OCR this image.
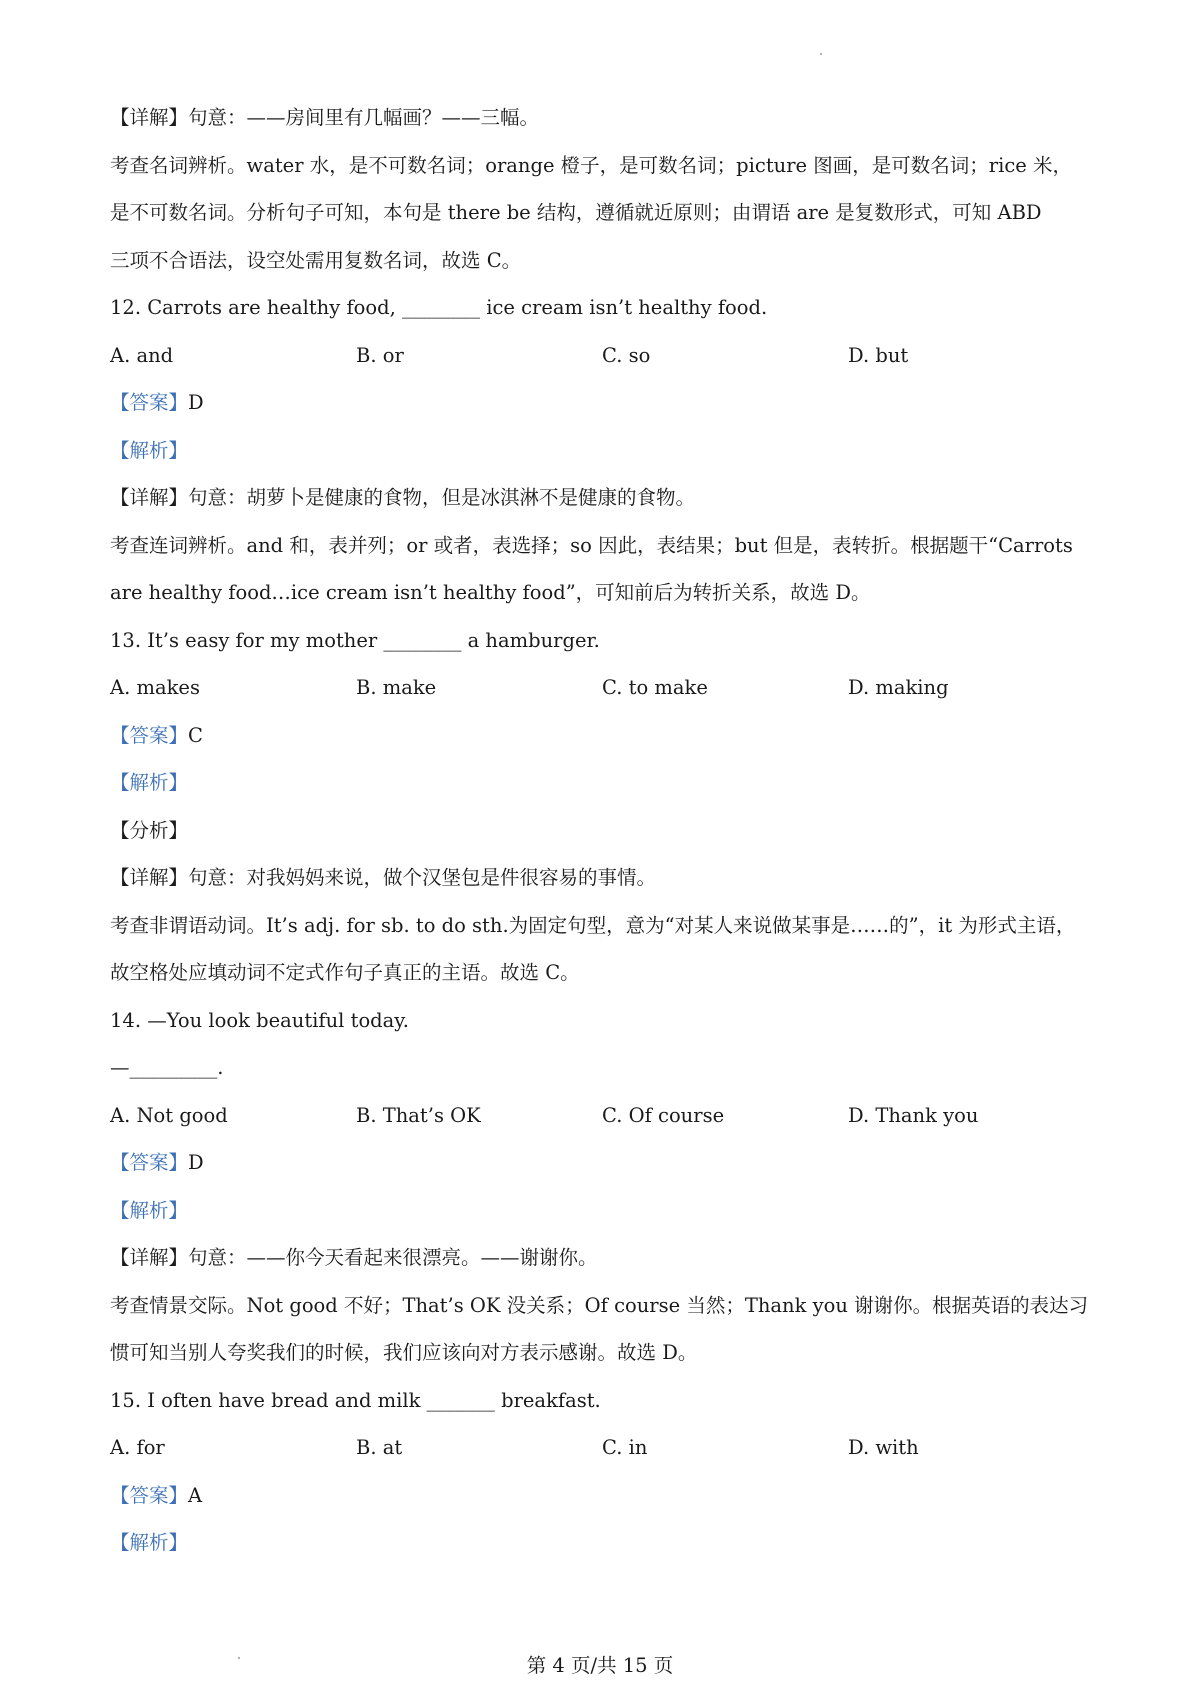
【详解】句意：——房间里有几幅画？——三幅。
考查名词辨析。water 水，是不可数名词；orange 橙子，是可数名词；picture 图画，是可数名词；rice 米，
是不可数名词。分析句子可知，本句是 there be 结构，遵循就近原则；由谓语 are 是复数形式，可知 ABD
三项不合语法，设空处需用复数名词，故选 C。
12. Carrots are healthy food, ________ ice cream isn’t healthy food.
A. and	B. or	C. so	D. but
【答案】D
【解析】
【详解】句意：胡萝卜是健康的食物，但是冰淇淋不是健康的食物。
考查连词辨析。and 和，表并列；or 或者，表选择；so 因此，表结果；but 但是，表转折。根据题干“Carrots
are healthy food…ice cream isn’t healthy food”，可知前后为转折关系，故选 D。
13. It’s easy for my mother ________ a hamburger.
A. makes	B. make	C. to make	D. making
【答案】C
【解析】
【分析】
【详解】句意：对我妈妈来说，做个汉堡包是件很容易的事情。
考查非谓语动词。It’s adj. for sb. to do sth.为固定句型，意为“对某人来说做某事是……的”，it 为形式主语，
故空格处应填动词不定式作句子真正的主语。故选 C。
14. —You look beautiful today.
—_________.
A. Not good	B. That’s OK	C. Of course	D. Thank you
【答案】D
【解析】
【详解】句意：——你今天看起来很漂亮。——谢谢你。
考查情景交际。Not good 不好；That’s OK 没关系；Of course 当然；Thank you 谢谢你。根据英语的表达习
惯可知当别人夸奖我们的时候，我们应该向对方表示感谢。故选 D。
15. I often have bread and milk _______ breakfast.
A. for	B. at	C. in	D. with
【答案】A
【解析】
第 4 页/共 15 页
